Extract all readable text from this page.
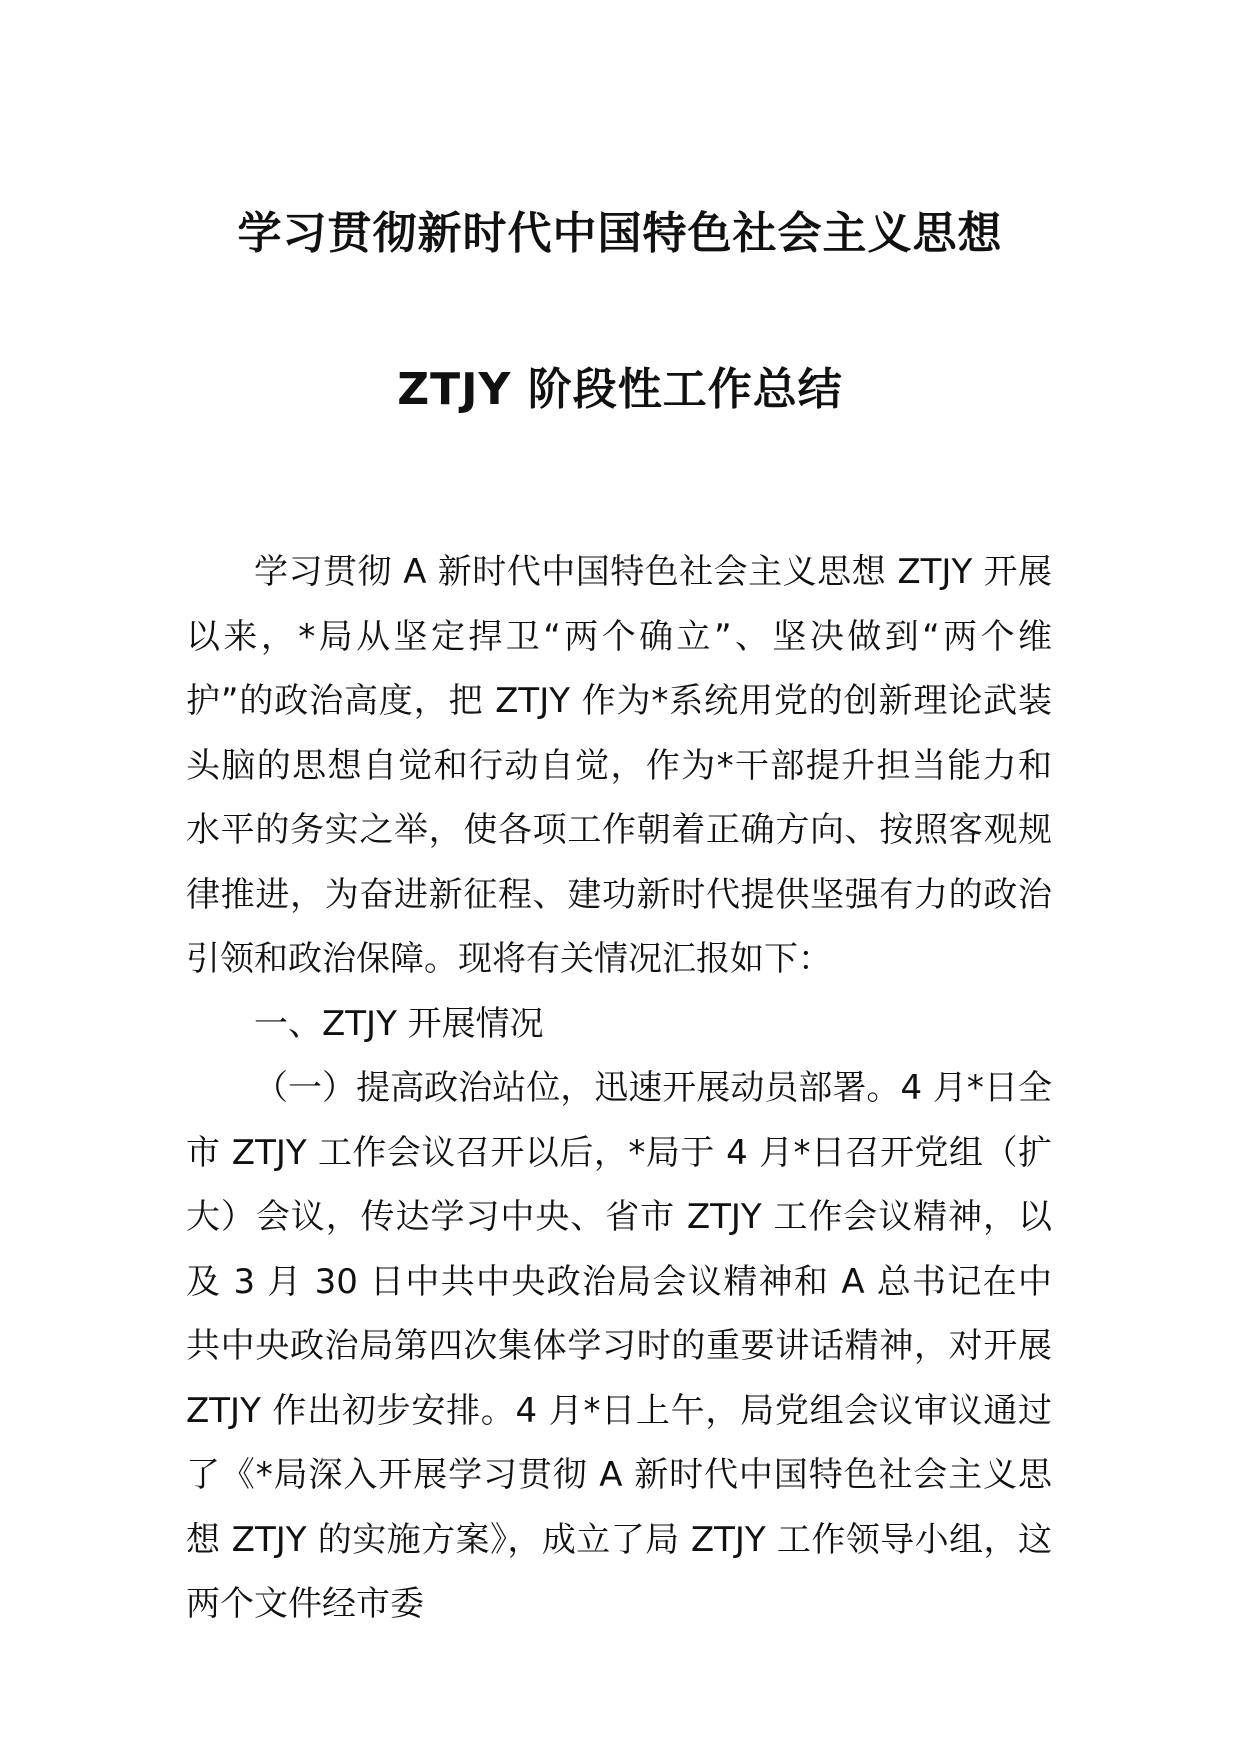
学习贯彻新时代中国特色社会主义思想
ZTJY 阶段性工作总结

学习贯彻 A 新时代中国特色社会主义思想 ZTJY 开展以来，*局从坚定捍卫“两个确立”、坚决做到“两个维护”的政治高度，把 ZTJY 作为*系统用党的创新理论武装头脑的思想自觉和行动自觉，作为*干部提升担当能力和水平的务实之举，使各项工作朝着正确方向、按照客观规律推进，为奋进新征程、建功新时代提供坚强有力的政治引领和政治保障。现将有关情况汇报如下：

一、ZTJY 开展情况

（一）提高政治站位，迅速开展动员部署。4 月*日全市 ZTJY 工作会议召开以后，*局于 4 月*日召开党组（扩大）会议，传达学习中央、省市 ZTJY 工作会议精神，以及 3 月 30 日中共中央政治局会议精神和 A 总书记在中共中央政治局第四次集体学习时的重要讲话精神，对开展 ZTJY 作出初步安排。4 月*日上午，局党组会议审议通过了《*局深入开展学习贯彻 A 新时代中国特色社会主义思想 ZTJY 的实施方案》，成立了局 ZTJY 工作领导小组，这两个文件经市委
